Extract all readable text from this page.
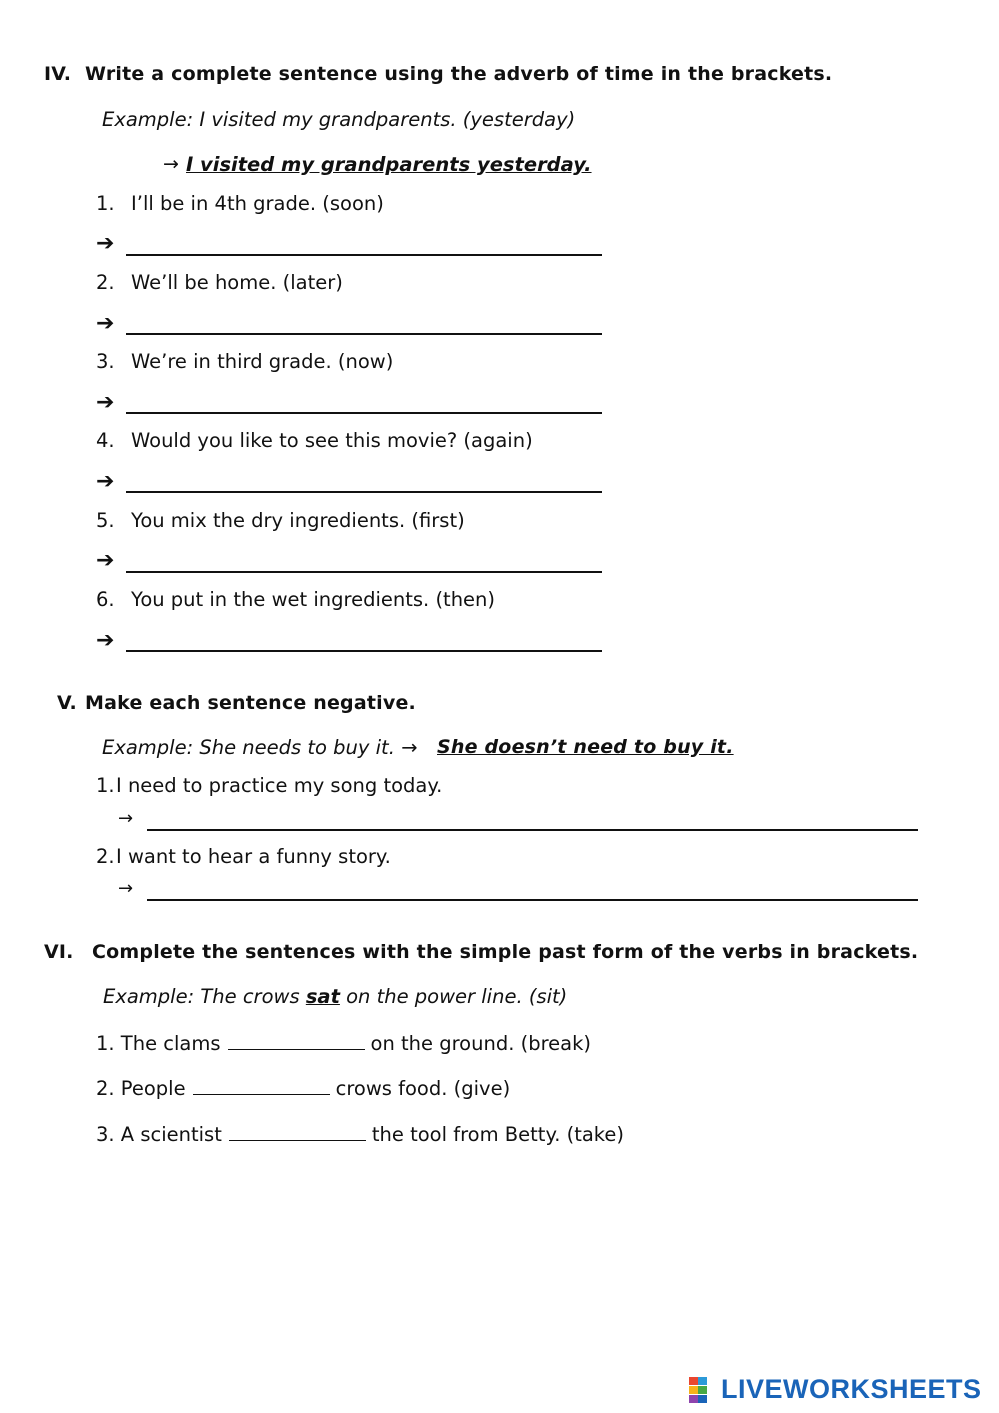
IV. Write a complete sentence using the adverb of time in the brackets.
Example: I visited my grandparents. (yesterday)
→ I visited my grandparents yesterday.
1. I’ll be in 4th grade. (soon)
➔
2. We’ll be home. (later)
➔
3. We’re in third grade. (now)
➔
4. Would you like to see this movie? (again)
➔
5. You mix the dry ingredients. (first)
➔
6. You put in the wet ingredients. (then)
➔
V. Make each sentence negative.
Example: She needs to buy it. → She doesn’t need to buy it.
1. I need to practice my song today.
→
2. I want to hear a funny story.
→
VI. Complete the sentences with the simple past form of the verbs in brackets.
Example: The crows sat on the power line. (sit)
1. The clams	on the ground. (break)
2. People	crows food. (give)
3. A scientist	the tool from Betty. (take)
LIVEWORKSHEETS
